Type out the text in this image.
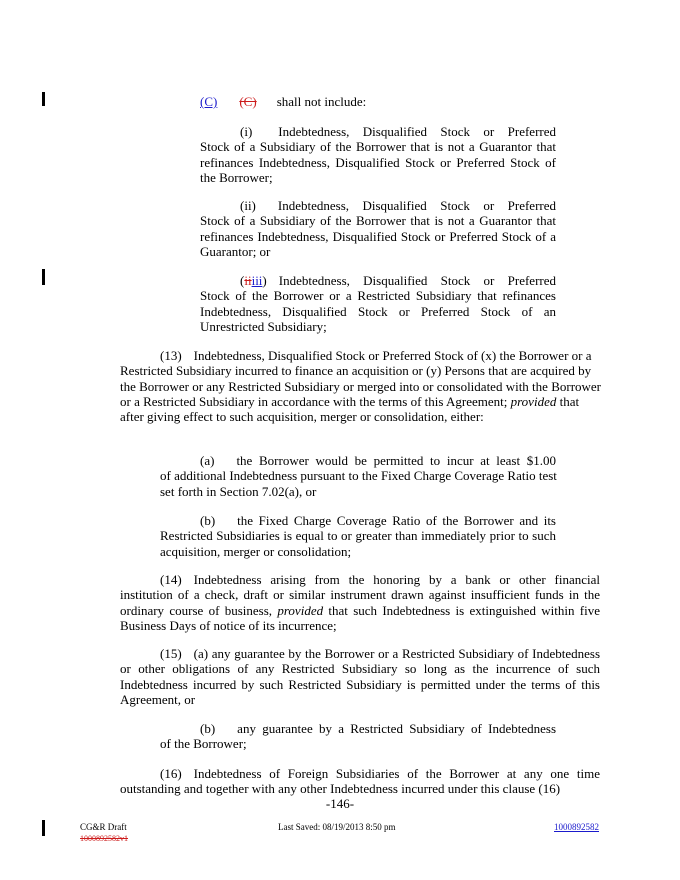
(C) (C) shall not include:
(i) Indebtedness, Disqualified Stock or Preferred
Stock of a Subsidiary of the Borrower that is not a Guarantor that refinances Indebtedness, Disqualified Stock or Preferred Stock of the Borrower;
(ii) Indebtedness, Disqualified Stock or Preferred
Stock of a Subsidiary of the Borrower that is not a Guarantor that refinances Indebtedness, Disqualified Stock or Preferred Stock of a Guarantor; or
(iiiii) Indebtedness, Disqualified Stock or Preferred
Stock of the Borrower or a Restricted Subsidiary that refinances Indebtedness, Disqualified Stock or Preferred Stock of an Unrestricted Subsidiary;
(13) Indebtedness, Disqualified Stock or Preferred Stock of (x) the Borrower or a Restricted Subsidiary incurred to finance an acquisition or (y) Persons that are acquired by the Borrower or any Restricted Subsidiary or merged into or consolidated with the Borrower or a Restricted Subsidiary in accordance with the terms of this Agreement; provided that after giving effect to such acquisition, merger or consolidation, either:
(a) the Borrower would be permitted to incur at least $1.00
of additional Indebtedness pursuant to the Fixed Charge Coverage Ratio test set forth in Section 7.02(a), or
(b) the Fixed Charge Coverage Ratio of the Borrower and its
Restricted Subsidiaries is equal to or greater than immediately prior to such acquisition, merger or consolidation;
(14) Indebtedness arising from the honoring by a bank or other financial institution of a check, draft or similar instrument drawn against insufficient funds in the ordinary course of business, provided that such Indebtedness is extinguished within five Business Days of notice of its incurrence;
(15) (a) any guarantee by the Borrower or a Restricted Subsidiary of Indebtedness or other obligations of any Restricted Subsidiary so long as the incurrence of such Indebtedness incurred by such Restricted Subsidiary is permitted under the terms of this Agreement, or
(b) any guarantee by a Restricted Subsidiary of Indebtedness
of the Borrower;
(16) Indebtedness of Foreign Subsidiaries of the Borrower at any one time outstanding and together with any other Indebtedness incurred under this clause (16)
-146-
CG&R Draft
1000892582v1
Last Saved: 08/19/2013 8:50 pm	1000892582
